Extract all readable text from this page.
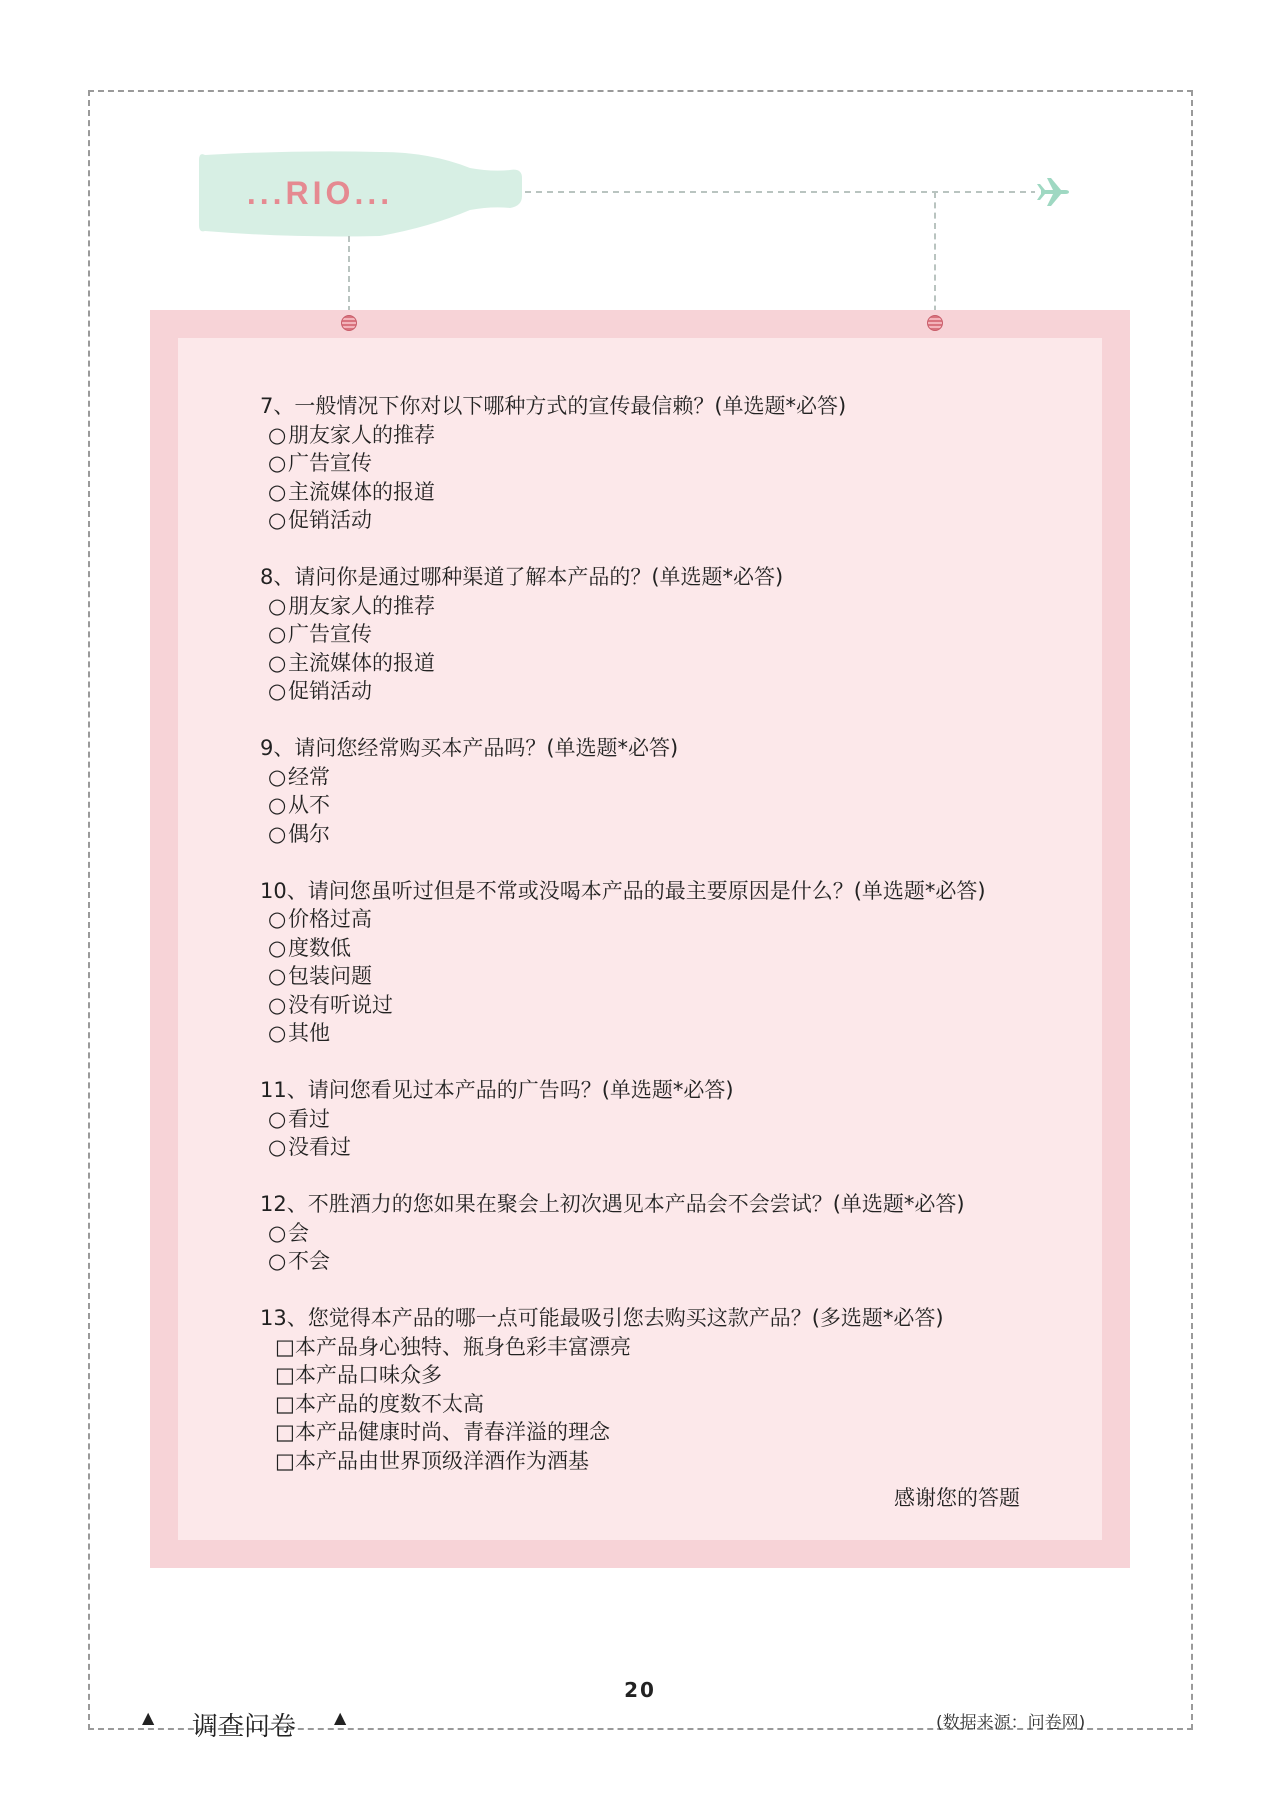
...RIO...
7、一般情况下你对以下哪种方式的宣传最信赖？(单选题*必答)
○朋友家人的推荐
○广告宣传
○主流媒体的报道
○促销活动
8、请问你是通过哪种渠道了解本产品的？(单选题*必答)
○朋友家人的推荐
○广告宣传
○主流媒体的报道
○促销活动
9、请问您经常购买本产品吗？(单选题*必答)
○经常
○从不
○偶尔
10、请问您虽听过但是不常或没喝本产品的最主要原因是什么？(单选题*必答)
○价格过高
○度数低
○包装问题
○没有听说过
○其他
11、请问您看见过本产品的广告吗？(单选题*必答)
○看过
○没看过
12、不胜酒力的您如果在聚会上初次遇见本产品会不会尝试？(单选题*必答)
○会
○不会
13、您觉得本产品的哪一点可能最吸引您去购买这款产品？(多选题*必答)
□本产品身心独特、瓶身色彩丰富漂亮
□本产品口味众多
□本产品的度数不太高
□本产品健康时尚、青春洋溢的理念
□本产品由世界顶级洋酒作为酒基
感谢您的答题
20
▲ 调查问卷 ▲	(数据来源：问卷网)
